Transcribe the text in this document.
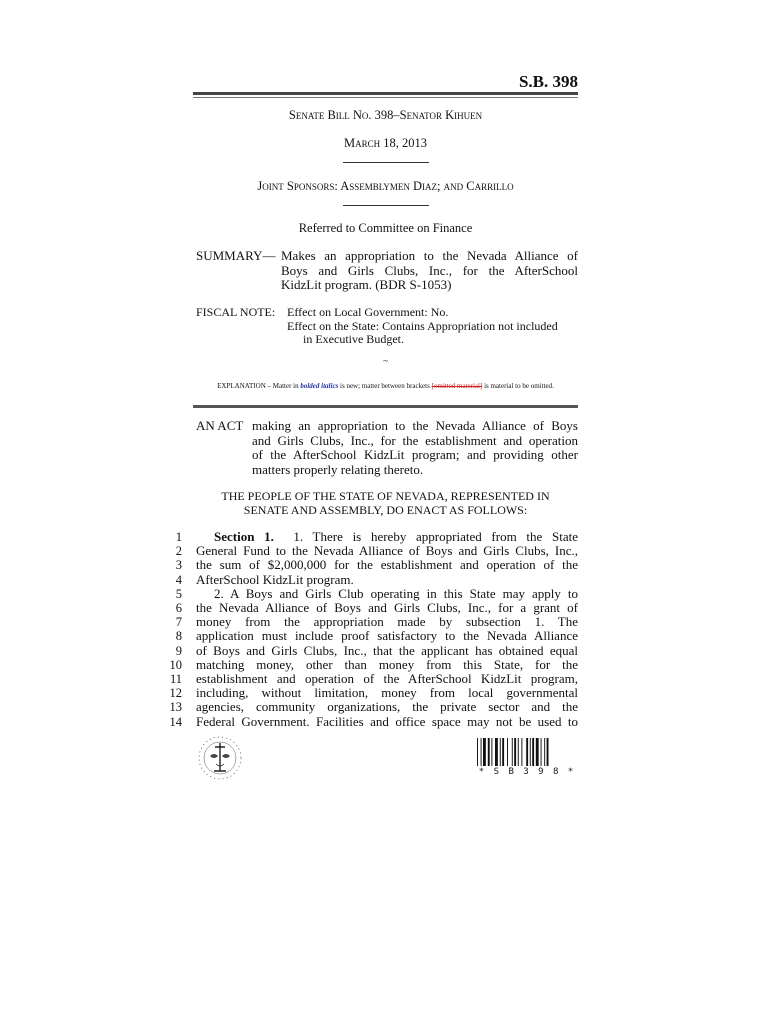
S.B. 398
Senate Bill No. 398–Senator Kihuen
March 18, 2013
Joint Sponsors: Assemblymen Diaz; and Carrillo
Referred to Committee on Finance
SUMMARY— Makes an appropriation to the Nevada Alliance of
Boys and Girls Clubs, Inc., for the AfterSchool
KidzLit program. (BDR S-1053)
FISCAL NOTE: Effect on Local Government: No.
Effect on the State: Contains Appropriation not included
in Executive Budget.
~
EXPLANATION – Matter in bolded italics is new; matter between brackets [omitted material] is material to be omitted.
AN ACT making an appropriation to the Nevada Alliance of Boys
and Girls Clubs, Inc., for the establishment and operation
of the AfterSchool KidzLit program; and providing other
matters properly relating thereto.
THE PEOPLE OF THE STATE OF NEVADA, REPRESENTED IN
SENATE AND ASSEMBLY, DO ENACT AS FOLLOWS:
1
2
3
4
5
6
7
8
9
10
11
12
13
14
Section 1. 1. There is hereby appropriated from the State
General Fund to the Nevada Alliance of Boys and Girls Clubs, Inc.,
the sum of $2,000,000 for the establishment and operation of the
AfterSchool KidzLit program.
2. A Boys and Girls Club operating in this State may apply to
the Nevada Alliance of Boys and Girls Clubs, Inc., for a grant of
money from the appropriation made by subsection 1. The
application must include proof satisfactory to the Nevada Alliance
of Boys and Girls Clubs, Inc., that the applicant has obtained equal
matching money, other than money from this State, for the
establishment and operation of the AfterSchool KidzLit program,
including, without limitation, money from local governmental
agencies, community organizations, the private sector and the
Federal Government. Facilities and office space may not be used to
* S B 3 9 8 *
